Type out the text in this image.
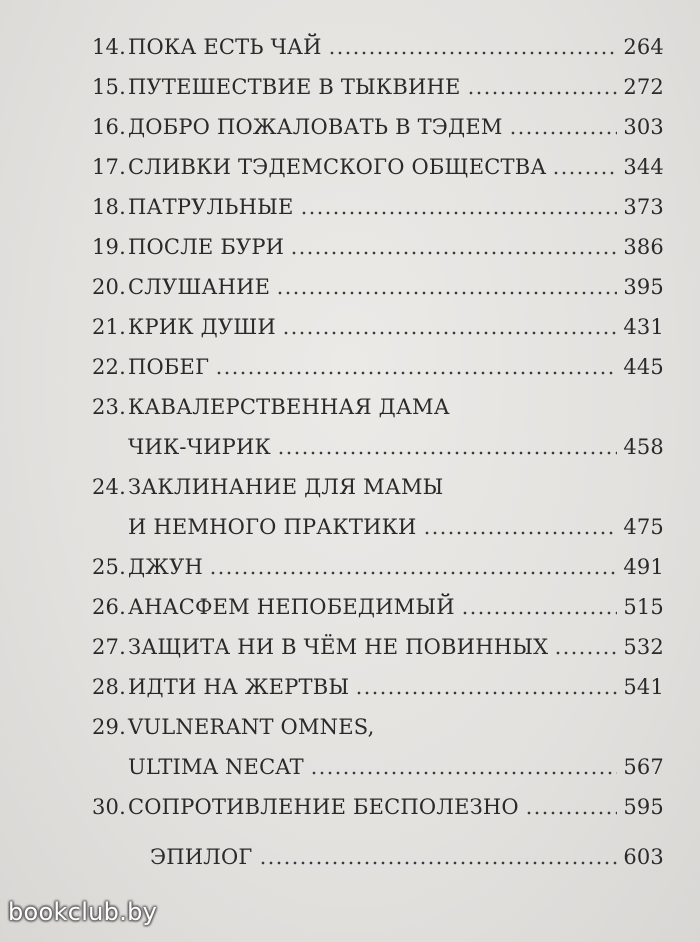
14. ПОКА ЕСТЬ ЧАЙ	264
15. ПУТЕШЕСТВИЕ В ТЫКВИНЕ	272
16. ДОБРО ПОЖАЛОВАТЬ В ТЭДЕМ	303
17. СЛИВКИ ТЭДЕМСКОГО ОБЩЕСТВА	344
18. ПАТРУЛЬНЫЕ	373
19. ПОСЛЕ БУРИ	386
20. СЛУШАНИЕ	395
21. КРИК ДУШИ	431
22. ПОБЕГ	445
23. КАВАЛЕРСТВЕННАЯ ДАМА
ЧИК-ЧИРИК	458
24. ЗАКЛИНАНИЕ ДЛЯ МАМЫ
И НЕМНОГО ПРАКТИКИ	475
25. ДЖУН	491
26. АНАСФЕМ НЕПОБЕДИМЫЙ	515
27. ЗАЩИТА НИ В ЧЁМ НЕ ПОВИННЫХ	532
28. ИДТИ НА ЖЕРТВЫ	541
29. VULNERANT OMNES,
ULTIMA NECAT	567
30. СОПРОТИВЛЕНИЕ БЕСПОЛЕЗНО	595
ЭПИЛОГ	603
bookclub.by
